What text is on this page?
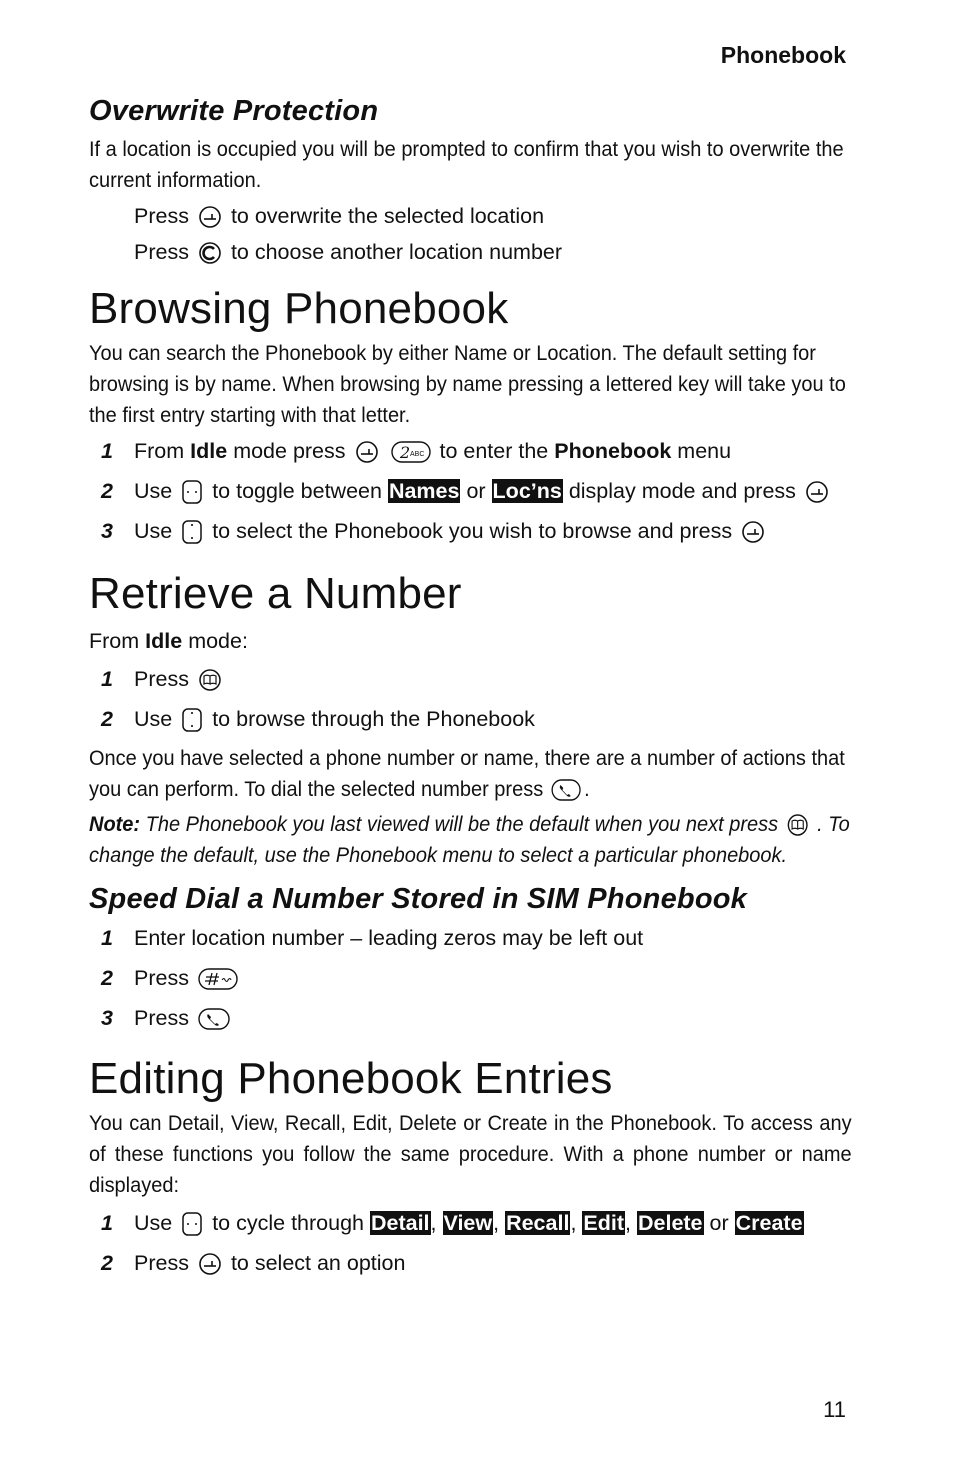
Phonebook
Overwrite Protection

If a location is occupied you will be prompted to confirm that you wish to overwrite the current information.

Press to overwrite the selected location
Press to choose another location number
Browsing Phonebook

You can search the Phonebook by either Name or Location. The default setting for browsing is by name. When browsing by name pressing a lettered key will take you to the first entry starting with that letter.

1 From Idle mode press
	2 ABC to enter the Phonebook menu
2 Use to toggle between Names or Loc’ns display mode and press
3 Use to select the Phonebook you wish to browse and press
Retrieve a Number
From Idle mode:
1 Press
2 Use to browse through the Phonebook

Once you have selected a phone number or name, there are a number of actions that you can perform. To dial the selected number press .

Note: The Phonebook you last viewed will be the default when you next press . To change the default, use the Phonebook menu to select a particular phonebook.

Speed Dial a Number Stored in SIM Phonebook
1 Enter location number – leading zeros may be left out
2 Press
3 Press
Editing Phonebook Entries

You can Detail, View, Recall, Edit, Delete or Create in the Phonebook. To access any of these functions you follow the same procedure. With a phone number or name displayed:

1 Use to cycle through Detail, View, Recall, Edit, Delete or Create
2 Press to select an option
11
